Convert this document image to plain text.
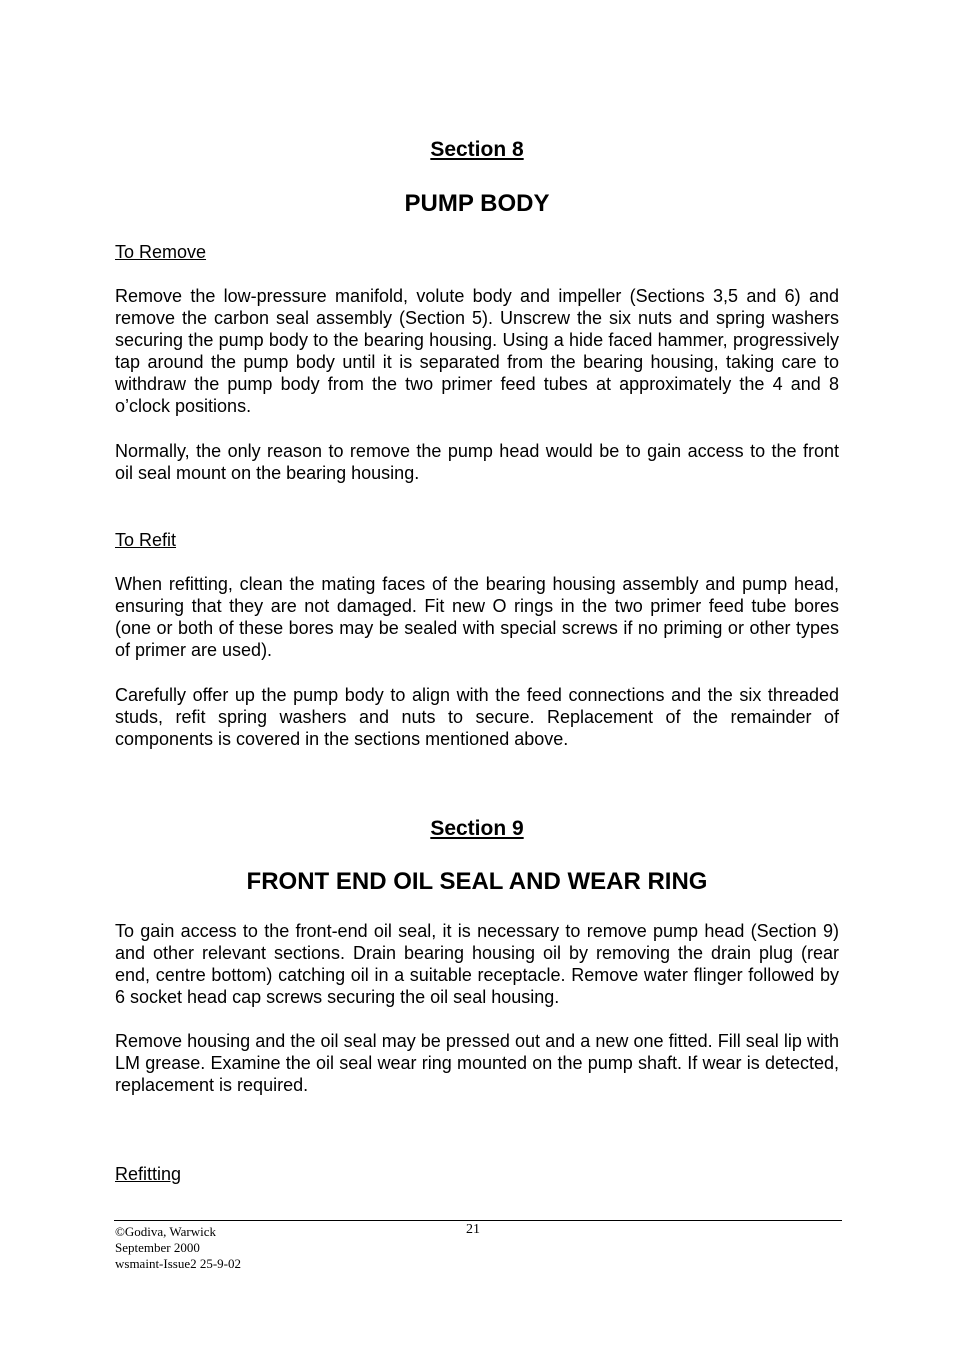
Section 8
PUMP BODY
To Remove

Remove the low-pressure manifold, volute body and impeller (Sections 3,5 and 6) and remove the carbon seal assembly (Section 5). Unscrew the six nuts and spring washers securing the pump body to the bearing housing. Using a hide faced hammer, progressively tap around the pump body until it is separated from the bearing housing, taking care to withdraw the pump body from the two primer feed tubes at approximately the 4 and 8 o’clock positions.

Normally, the only reason to remove the pump head would be to gain access to the front oil seal mount on the bearing housing.

To Refit

When refitting, clean the mating faces of the bearing housing assembly and pump head, ensuring that they are not damaged. Fit new O rings in the two primer feed tube bores (one or both of these bores may be sealed with special screws if no priming or other types of primer are used).

Carefully offer up the pump body to align with the feed connections and the six threaded studs, refit spring washers and nuts to secure. Replacement of the remainder of components is covered in the sections mentioned above.

Section 9
FRONT END OIL SEAL AND WEAR RING

To gain access to the front-end oil seal, it is necessary to remove pump head (Section 9) and other relevant sections. Drain bearing housing oil by removing the drain plug (rear end, centre bottom) catching oil in a suitable receptacle. Remove water flinger followed by 6 socket head cap screws securing the oil seal housing.

Remove housing and the oil seal may be pressed out and a new one fitted. Fill seal lip with LM grease. Examine the oil seal wear ring mounted on the pump shaft. If wear is detected, replacement is required.

Refitting
21
©Godiva, Warwick
September 2000
wsmaint-Issue2 25-9-02
